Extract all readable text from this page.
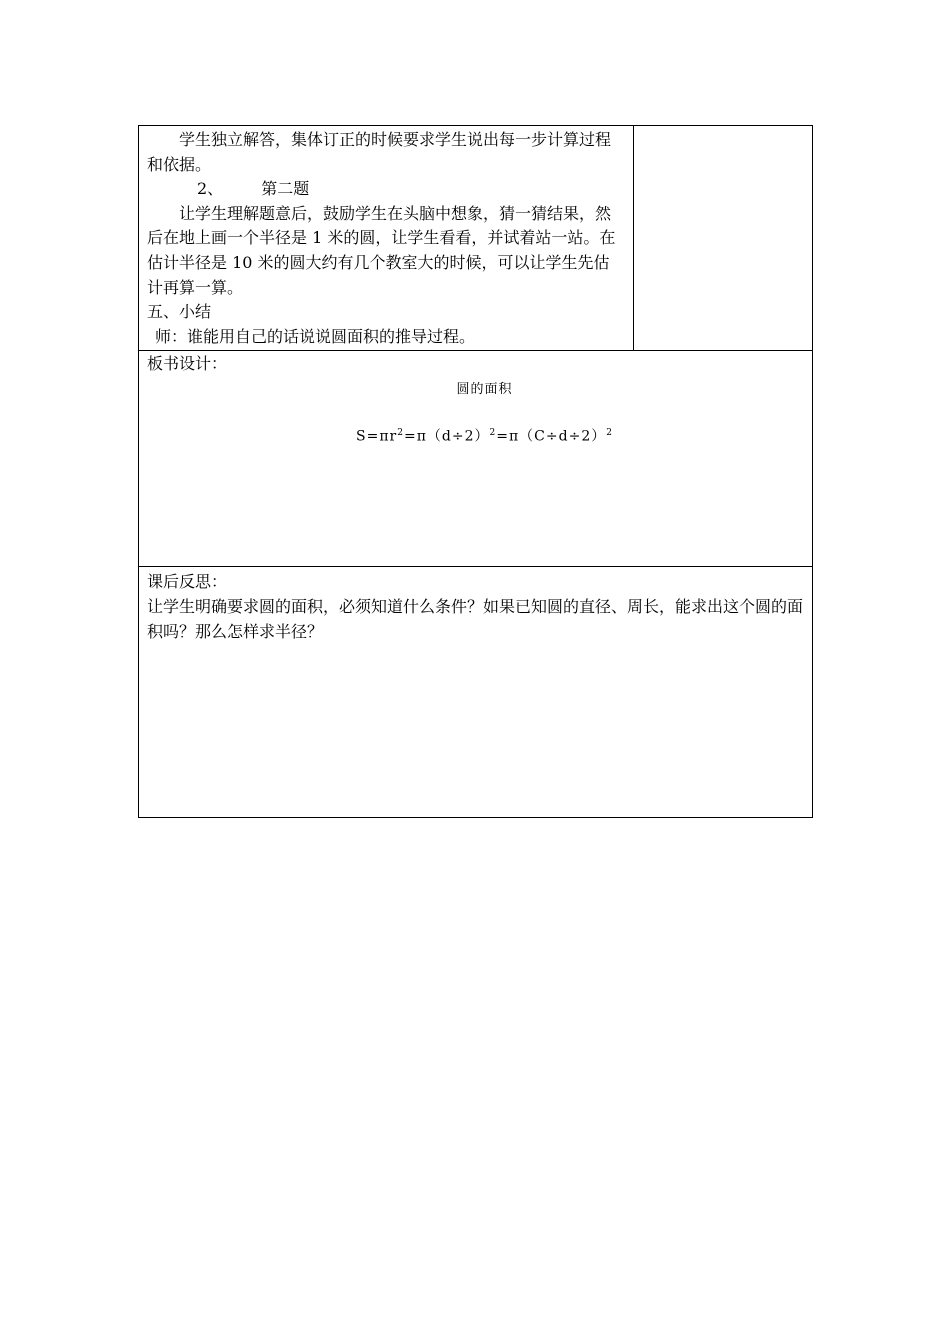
学生独立解答，集体订正的时候要求学生说出每一步计算过程和依据。

2、 第二题

让学生理解题意后，鼓励学生在头脑中想象，猜一猜结果，然后在地上画一个半径是 1 米的圆，让学生看看，并试着站一站。在估计半径是 10 米的圆大约有几个教室大的时候，可以让学生先估计再算一算。

五、小结

师：谁能用自己的话说说圆面积的推导过程。

板书设计：

圆的面积

$S=\pi r^2=\pi(d\div 2)^2=\pi(C\div d\div 2)^2$

课后反思：

让学生明确要求圆的面积，必须知道什么条件？如果已知圆的直径、周长，能求出这个圆的面积吗？那么怎样求半径？
